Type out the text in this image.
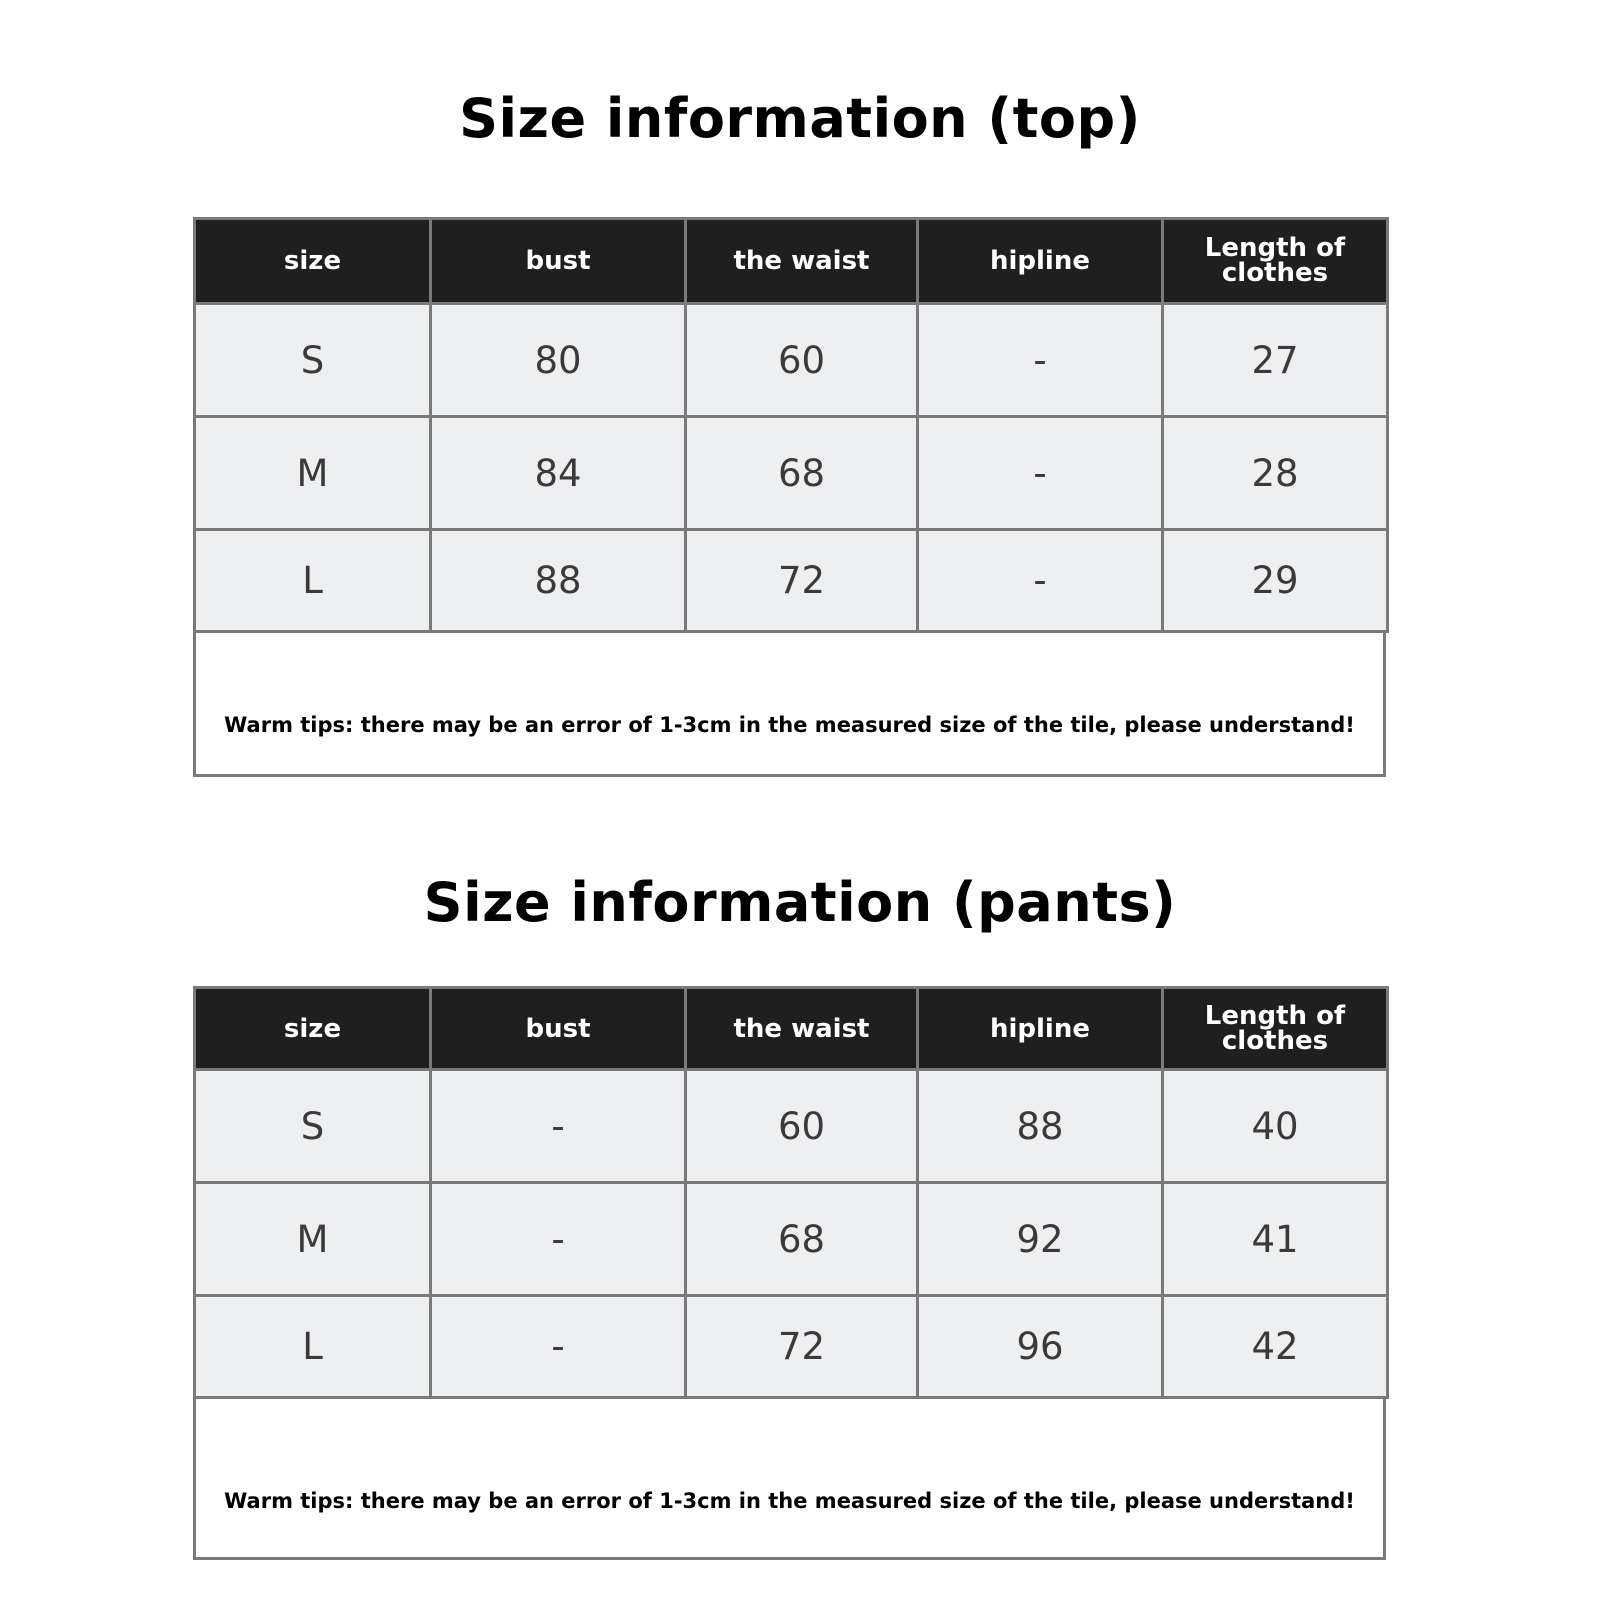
Size information (top)
size	bust	the waist	hipline	Length of clothes
S	80	60	-	27
M	84	68	-	28
L	88	72	-	29
Warm tips: there may be an error of 1-3cm in the measured size of the tile, please understand!
Size information (pants)
size	bust	the waist	hipline	Length of clothes
S	-	60	88	40
M	-	68	92	41
L	-	72	96	42
Warm tips: there may be an error of 1-3cm in the measured size of the tile, please understand!
